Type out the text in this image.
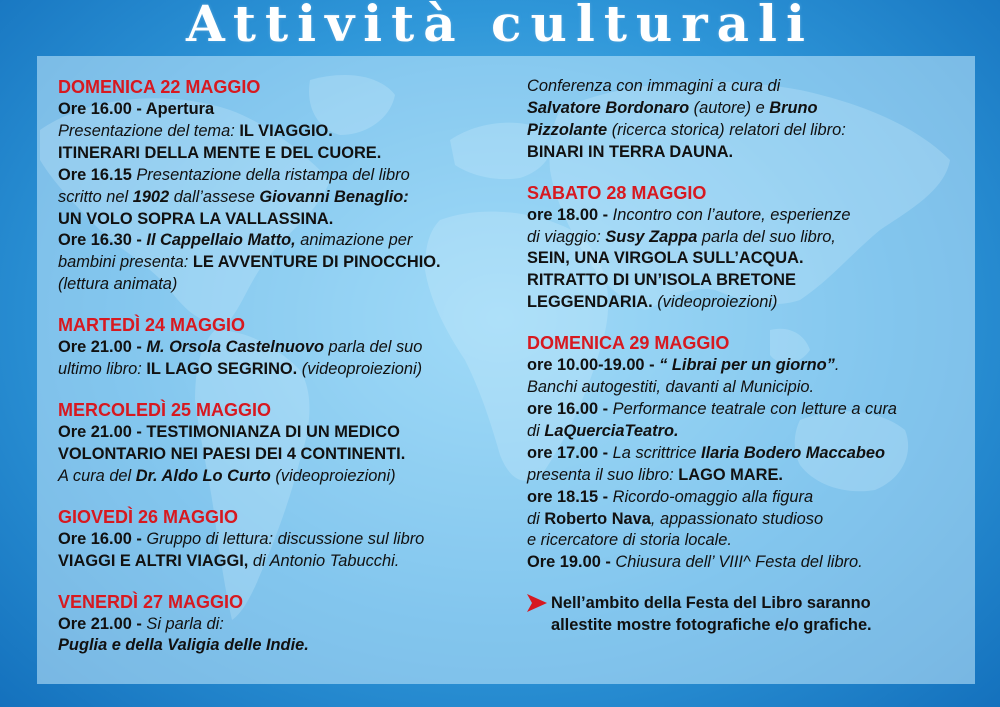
Attività culturali
DOMENICA 22 MAGGIO

Ore 16.00 - Apertura

Presentazione del tema: IL VIAGGIO.

ITINERARI DELLA MENTE E DEL CUORE.

Ore 16.15 Presentazione della ristampa del libro

scritto nel 1902 dall’assese Giovanni Benaglio:

UN VOLO SOPRA LA VALLASSINA.

Ore 16.30 - Il Cappellaio Matto, animazione per

bambini presenta: LE AVVENTURE DI PINOCCHIO.

(lettura animata)

MARTEDÌ 24 MAGGIO

Ore 21.00 - M. Orsola Castelnuovo parla del suo

ultimo libro: IL LAGO SEGRINO. (videoproiezioni)

MERCOLEDÌ 25 MAGGIO

Ore 21.00 - TESTIMONIANZA DI UN MEDICO

VOLONTARIO NEI PAESI DEI 4 CONTINENTI.

A cura del Dr. Aldo Lo Curto (videoproiezioni)

GIOVEDÌ 26 MAGGIO

Ore 16.00 - Gruppo di lettura: discussione sul libro

VIAGGI E ALTRI VIAGGI, di Antonio Tabucchi.

VENERDÌ 27 MAGGIO

Ore 21.00 - Si parla di:

Puglia e della Valigia delle Indie.

Conferenza con immagini a cura di

Salvatore Bordonaro (autore) e Bruno

Pizzolante (ricerca storica) relatori del libro:

BINARI IN TERRA DAUNA.

SABATO 28 MAGGIO

ore 18.00 - Incontro con l’autore, esperienze

di viaggio: Susy Zappa parla del suo libro,

SEIN, UNA VIRGOLA SULL’ACQUA.

RITRATTO DI UN’ISOLA BRETONE

LEGGENDARIA. (videoproiezioni)

DOMENICA 29 MAGGIO

ore 10.00-19.00 - “ Librai per un giorno”.

Banchi autogestiti, davanti al Municipio.

ore 16.00 - Performance teatrale con letture a cura

di LaQuerciaTeatro.

ore 17.00 - La scrittrice Ilaria Bodero Maccabeo

presenta il suo libro: LAGO MARE.

ore 18.15 - Ricordo-omaggio alla figura

di Roberto Nava, appassionato studioso

e ricercatore di storia locale.

Ore 19.00 - Chiusura dell’ VIII^ Festa del libro.

Nell’ambito della Festa del Libro saranno
allestite mostre fotografiche e/o grafiche.
